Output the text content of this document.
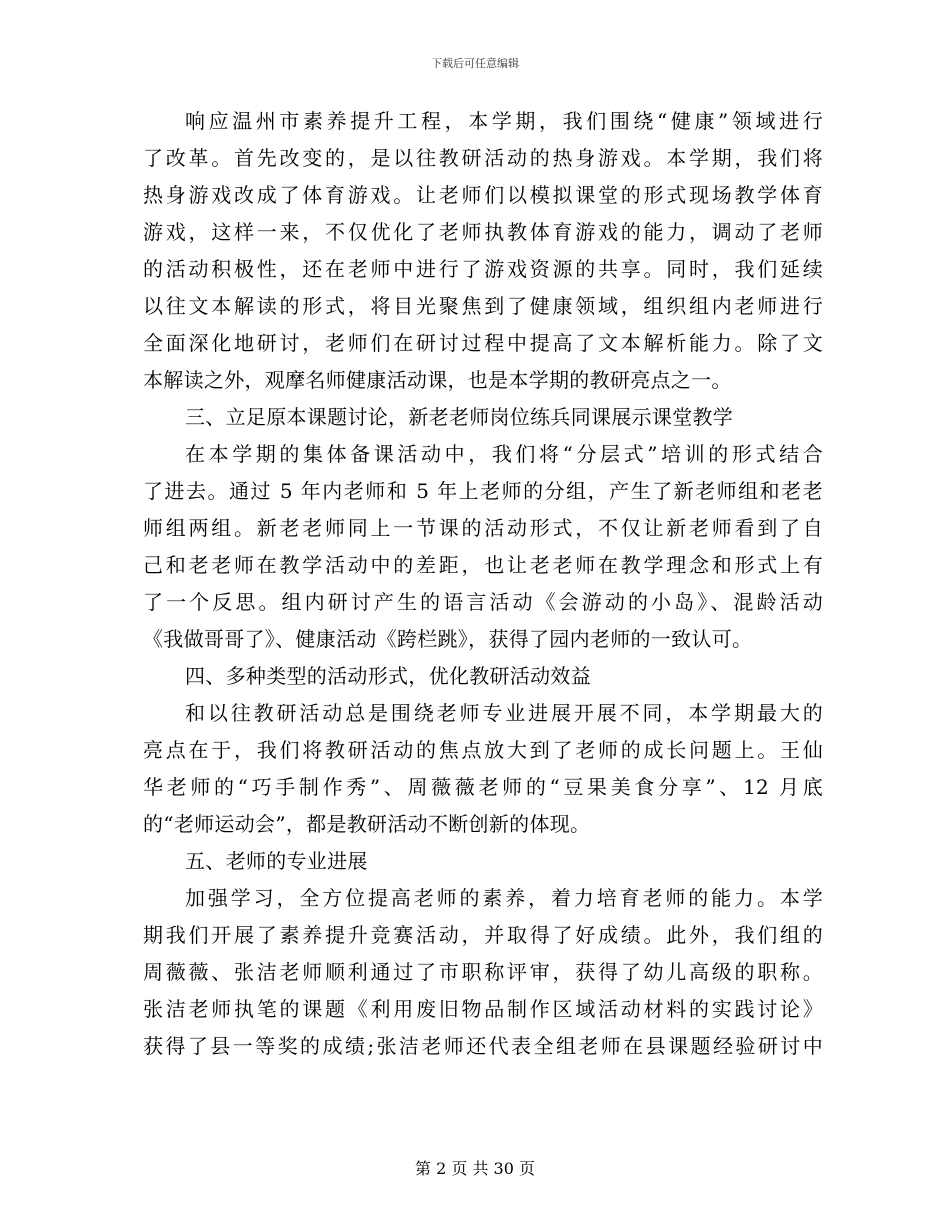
下载后可任意编辑
响应温州市素养提升工程，本学期，我们围绕“健康”领域进行
了改革。首先改变的，是以往教研活动的热身游戏。本学期，我们将
热身游戏改成了体育游戏。让老师们以模拟课堂的形式现场教学体育
游戏，这样一来，不仅优化了老师执教体育游戏的能力，调动了老师
的活动积极性，还在老师中进行了游戏资源的共享。同时，我们延续
以往文本解读的形式，将目光聚焦到了健康领域，组织组内老师进行
全面深化地研讨，老师们在研讨过程中提高了文本解析能力。除了文
本解读之外，观摩名师健康活动课，也是本学期的教研亮点之一。
三、立足原本课题讨论，新老老师岗位练兵同课展示课堂教学
在本学期的集体备课活动中，我们将“分层式”培训的形式结合
了进去。通过 5 年内老师和 5 年上老师的分组，产生了新老师组和老老
师组两组。新老老师同上一节课的活动形式，不仅让新老师看到了自
己和老老师在教学活动中的差距，也让老老师在教学理念和形式上有
了一个反思。组内研讨产生的语言活动《会游动的小岛》、混龄活动
《我做哥哥了》、健康活动《跨栏跳》，获得了园内老师的一致认可。
四、多种类型的活动形式，优化教研活动效益
和以往教研活动总是围绕老师专业进展开展不同，本学期最大的
亮点在于，我们将教研活动的焦点放大到了老师的成长问题上。王仙
华老师的“巧手制作秀”、周薇薇老师的“豆果美食分享”、12 月底
的“老师运动会”，都是教研活动不断创新的体现。
五、老师的专业进展
加强学习，全方位提高老师的素养，着力培育老师的能力。本学
期我们开展了素养提升竞赛活动，并取得了好成绩。此外，我们组的
周薇薇、张洁老师顺利通过了市职称评审，获得了幼儿高级的职称。
张洁老师执笔的课题《利用废旧物品制作区域活动材料的实践讨论》
获得了县一等奖的成绩;张洁老师还代表全组老师在县课题经验研讨中
第 2 页 共 30 页
